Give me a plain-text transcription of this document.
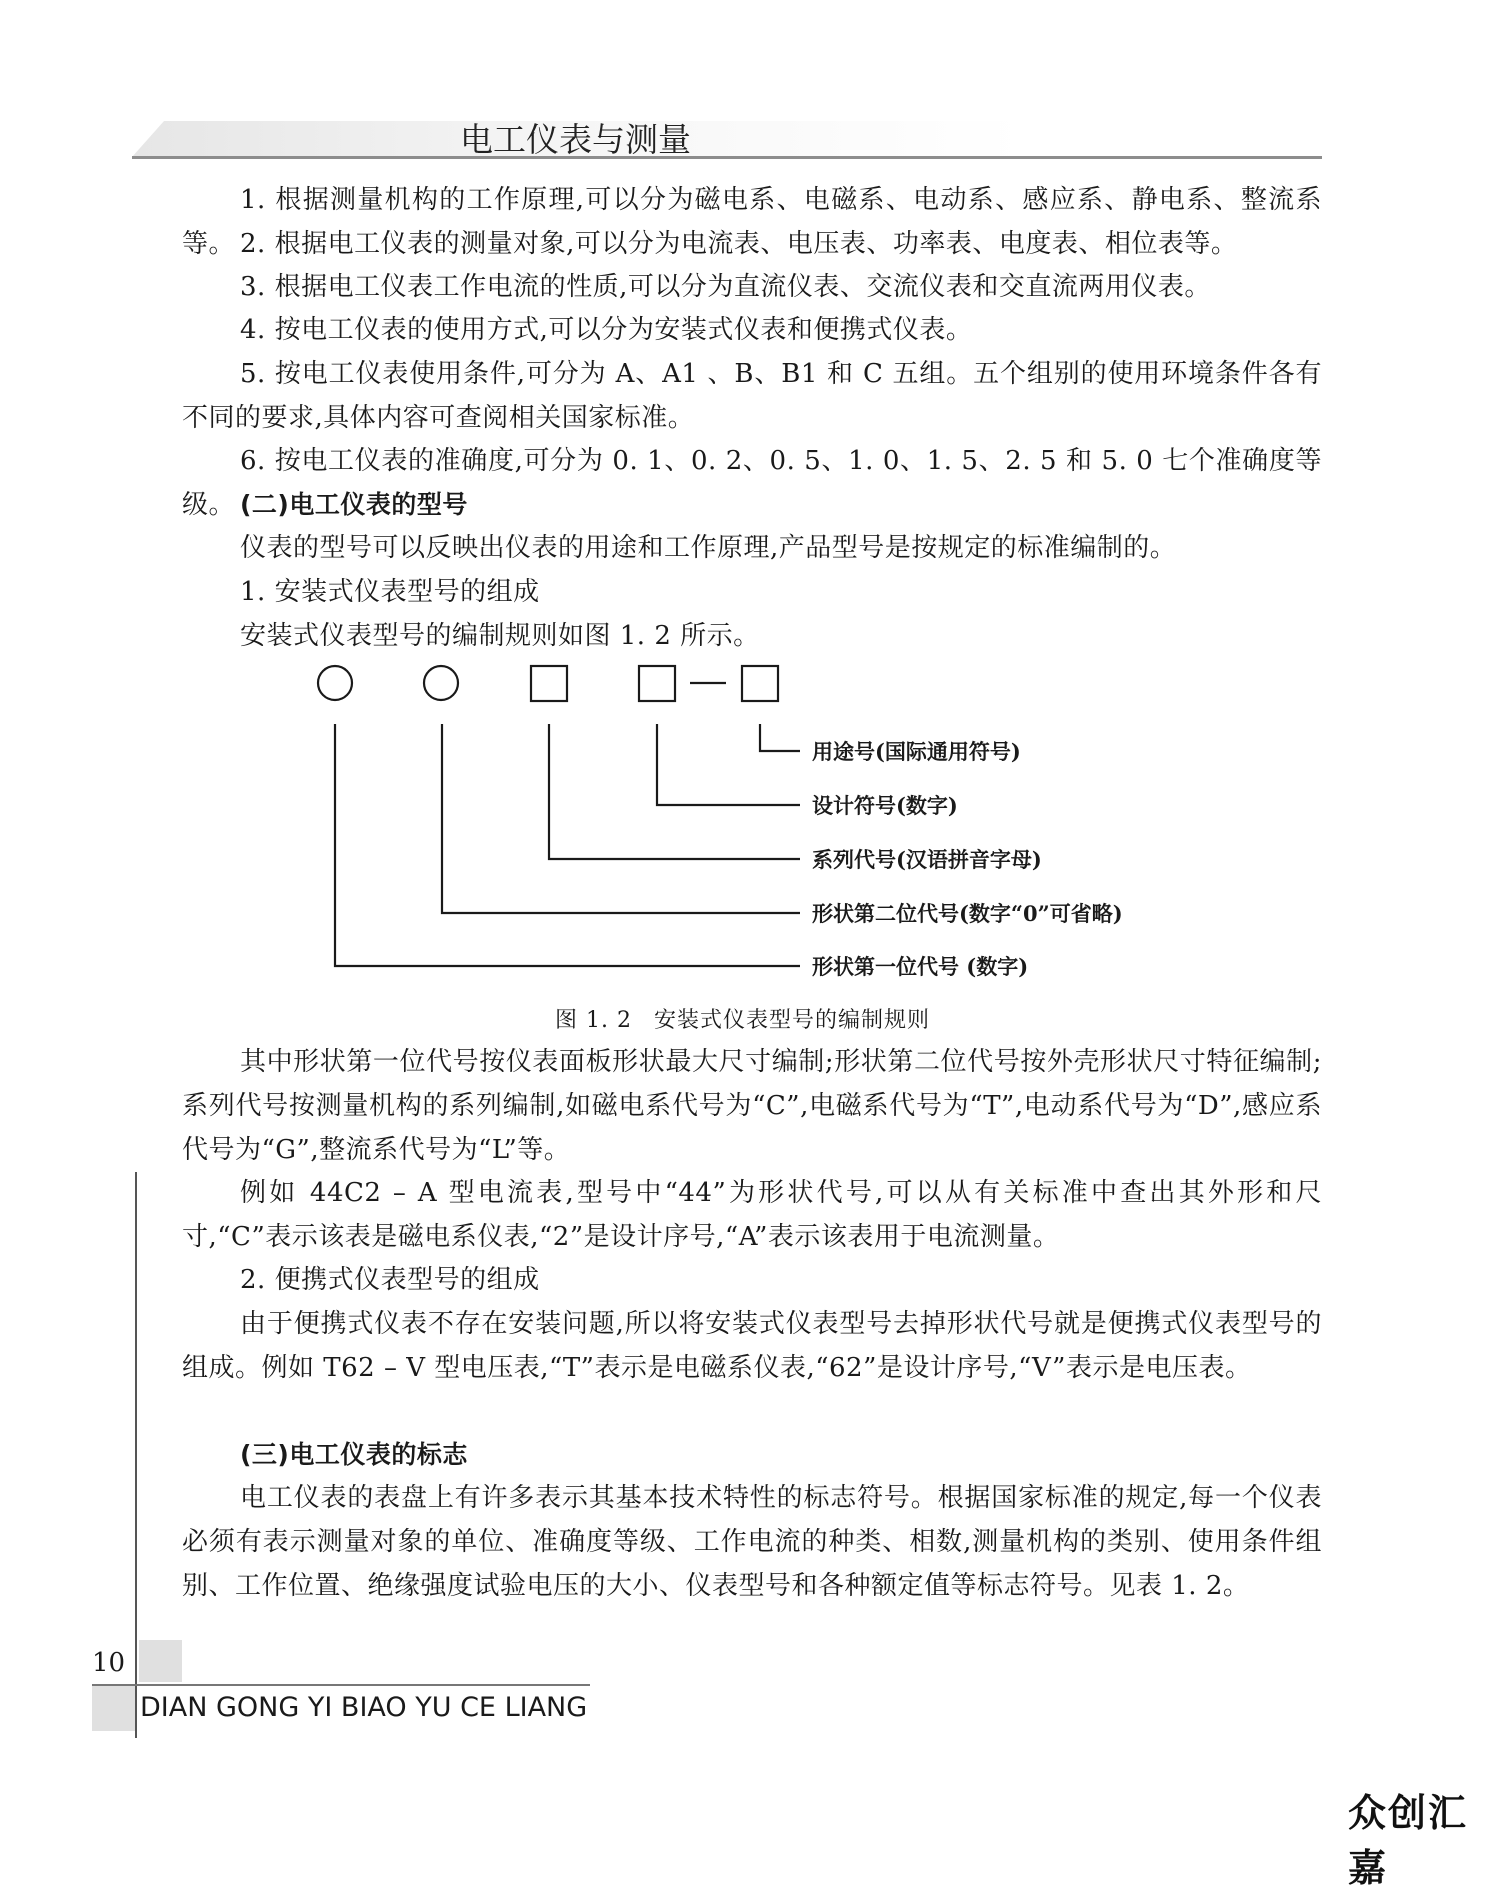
电工仪表与测量

1. 根据测量机构的工作原理,可以分为磁电系、电磁系、电动系、感应系、静电系、整流系等。 2. 根据电工仪表的测量对象,可以分为电流表、电压表、功率表、电度表、相位表等。

3. 根据电工仪表工作电流的性质,可以分为直流仪表、交流仪表和交直流两用仪表。

4. 按电工仪表的使用方式,可以分为安装式仪表和便携式仪表。

5. 按电工仪表使用条件,可分为 A、A1 、B、B1 和 C 五组。五个组别的使用环境条件各有不同的要求,具体内容可查阅相关国家标准。

6. 按电工仪表的准确度,可分为 0. 1、0. 2、0. 5、1. 0、1. 5、2. 5 和 5. 0 七个准确度等级。 (二)电工仪表的型号

仪表的型号可以反映出仪表的用途和工作原理,产品型号是按规定的标准编制的。

1. 安装式仪表型号的组成

安装式仪表型号的编制规则如图 1. 2 所示。

用途号(国际通用符号)
设计符号(数字)
系列代号(汉语拼音字母)
形状第二位代号(数字“0”可省略)
形状第一位代号 (数字)
图 1. 2 安装式仪表型号的编制规则

其中形状第一位代号按仪表面板形状最大尺寸编制;形状第二位代号按外壳形状尺寸特征编制;系列代号按测量机构的系列编制,如磁电系代号为“C”,电磁系代号为“T”,电动系代号为“D”,感应系代号为“G”,整流系代号为“L”等。

例如 44C2 – A 型电流表,型号中“44”为形状代号,可以从有关标准中查出其外形和尺寸,“C”表示该表是磁电系仪表,“2”是设计序号,“A”表示该表用于电流测量。

2. 便携式仪表型号的组成

由于便携式仪表不存在安装问题,所以将安装式仪表型号去掉形状代号就是便携式仪表型号的组成。例如 T62 – V 型电压表,“T”表示是电磁系仪表,“62”是设计序号,“V”表示是电压表。

(三)电工仪表的标志

电工仪表的表盘上有许多表示其基本技术特性的标志符号。根据国家标准的规定,每一个仪表必须有表示测量对象的单位、准确度等级、工作电流的种类、相数,测量机构的类别、使用条件组别、工作位置、绝缘强度试验电压的大小、仪表型号和各种额定值等标志符号。见表 1. 2。

10
DIAN GONG YI BIAO YU CE LIANG
众创汇嘉
